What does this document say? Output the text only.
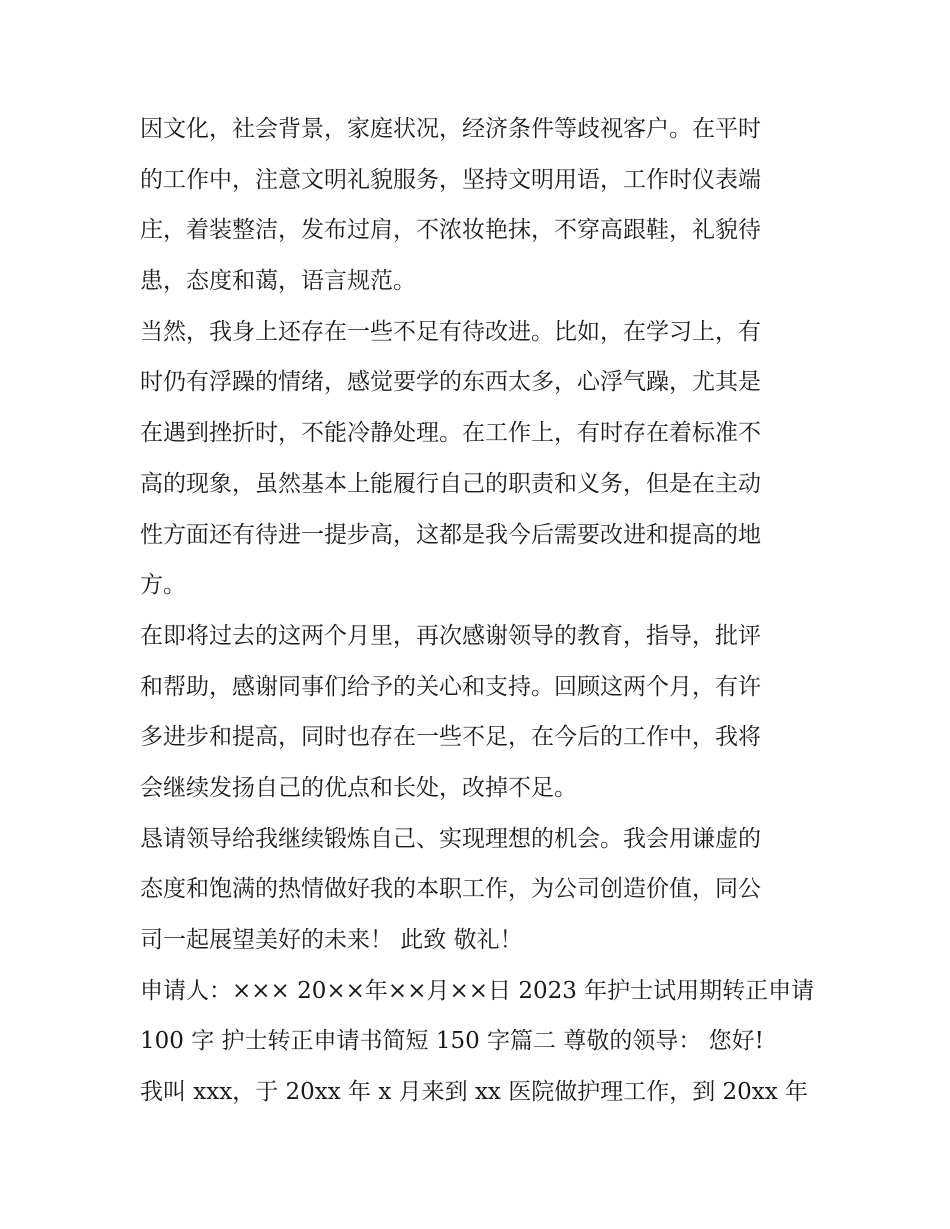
因文化，社会背景，家庭状况，经济条件等歧视客户。在平时
的工作中，注意文明礼貌服务，坚持文明用语，工作时仪表端
庄，着装整洁，发布过肩，不浓妆艳抹，不穿高跟鞋，礼貌待
患，态度和蔼，语言规范。
当然，我身上还存在一些不足有待改进。比如，在学习上，有
时仍有浮躁的情绪，感觉要学的东西太多，心浮气躁，尤其是
在遇到挫折时，不能冷静处理。在工作上，有时存在着标准不
高的现象，虽然基本上能履行自己的职责和义务，但是在主动
性方面还有待进一提步高，这都是我今后需要改进和提高的地
方。
在即将过去的这两个月里，再次感谢领导的教育，指导，批评
和帮助，感谢同事们给予的关心和支持。回顾这两个月，有许
多进步和提高，同时也存在一些不足，在今后的工作中，我将
会继续发扬自己的优点和长处，改掉不足。
恳请领导给我继续锻炼自己、实现理想的机会。我会用谦虚的
态度和饱满的热情做好我的本职工作，为公司创造价值，同公
司一起展望美好的未来！ 此致 敬礼！
申请人：××× 20××年××月××日 2023 年护士试用期转正申请
100 字 护士转正申请书简短 150 字篇二 尊敬的领导： 您好!
我叫 xxx，于 20xx 年 x 月来到 xx 医院做护理工作，到 20xx 年
